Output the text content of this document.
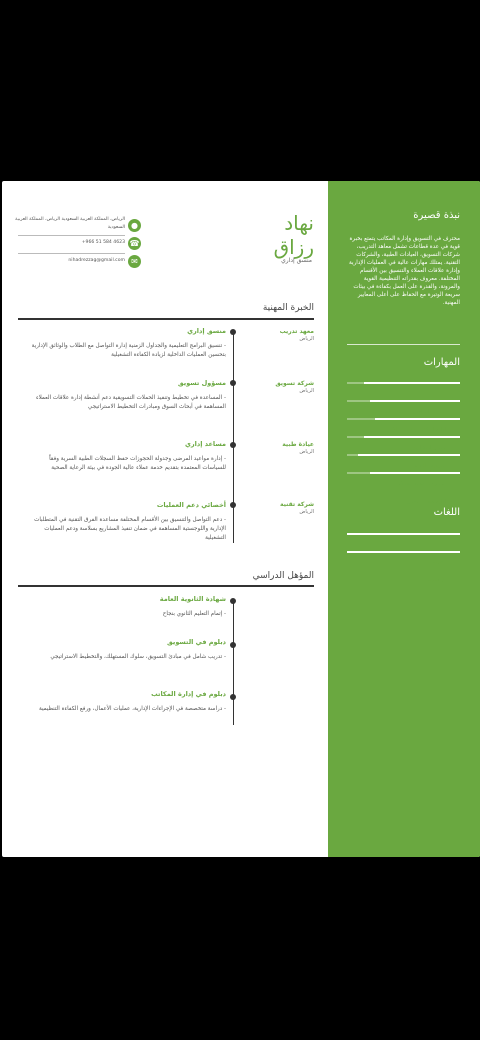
نبذة قصيرة
محترف في التسويق وإدارة المكاتب يتمتع بخبرة قوية في عدة قطاعات تشمل معاهد التدريب، شركات التسويق، العيادات الطبية، والشركات التقنية. يمتلك مهارات عالية في العمليات الإدارية وإدارة علاقات العملاء والتنسيق بين الأقسام المختلفة. معروف بقدراته التنظيمية القوية والمرونة، والقدرة على العمل بكفاءة في بيئات سريعة الوتيرة مع الحفاظ على أعلى المعايير المهنية.
المهارات
مهارات التواصل والعلاقات الشخصية
إدارة المكاتب والأعمال الإدارية
تنسيق المشاريع
المهارات التقنية
التميز في خدمة العملاء
إدارة ضغوط العمل
اللغات
العربية
الإنجليزية
نهاد
رزاق
منسق إداري
●
الرياض، المملكة العربية السعودية الرياض، المملكة العربية السعودية
☎
+966 51 584 4623
✉
nihadrezzag@gmail.com
الخبرة المهنية
معهد تدريب
الرياض
منسق إداري
- تنسيق البرامج التعليمية والجداول الزمنية إدارة التواصل مع الطلاب والوثائق الإدارية بتحسين العمليات الداخلية لزيادة الكفاءة التشغيلية
شركة تسويق
الرياض
مسؤول تسويق
- المساعدة في تخطيط وتنفيذ الحملات التسويقية دعم أنشطة إدارة علاقات العملاء المساهمة في أبحاث السوق ومبادرات التخطيط الاستراتيجي
عيادة طبية
الرياض
مساعد إداري
- إدارة مواعيد المرضى وجدولة الحجوزات حفظ السجلات الطبية السرية وفقاً للسياسات المعتمدة بتقديم خدمة عملاء عالية الجودة في بيئة الرعاية الصحية
شركة تقنية
الرياض
أخصائي دعم العمليات
- دعم التواصل والتنسيق بين الأقسام المختلفة مساعدة الفرق التقنية في المتطلبات الإدارية واللوجستية المساهمة في ضمان تنفيذ المشاريع بسلاسة ودعم العمليات التشغيلية
المؤهل الدراسي
شهادة الثانوية العامة
- إتمام التعليم الثانوي بنجاح
دبلوم في التسويق
- تدريب شامل في مبادئ التسويق، سلوك المستهلك، والتخطيط الاستراتيجي
دبلوم في إدارة المكاتب
- دراسة متخصصة في الإجراءات الإدارية، عمليات الأعمال، ورفع الكفاءة التنظيمية
